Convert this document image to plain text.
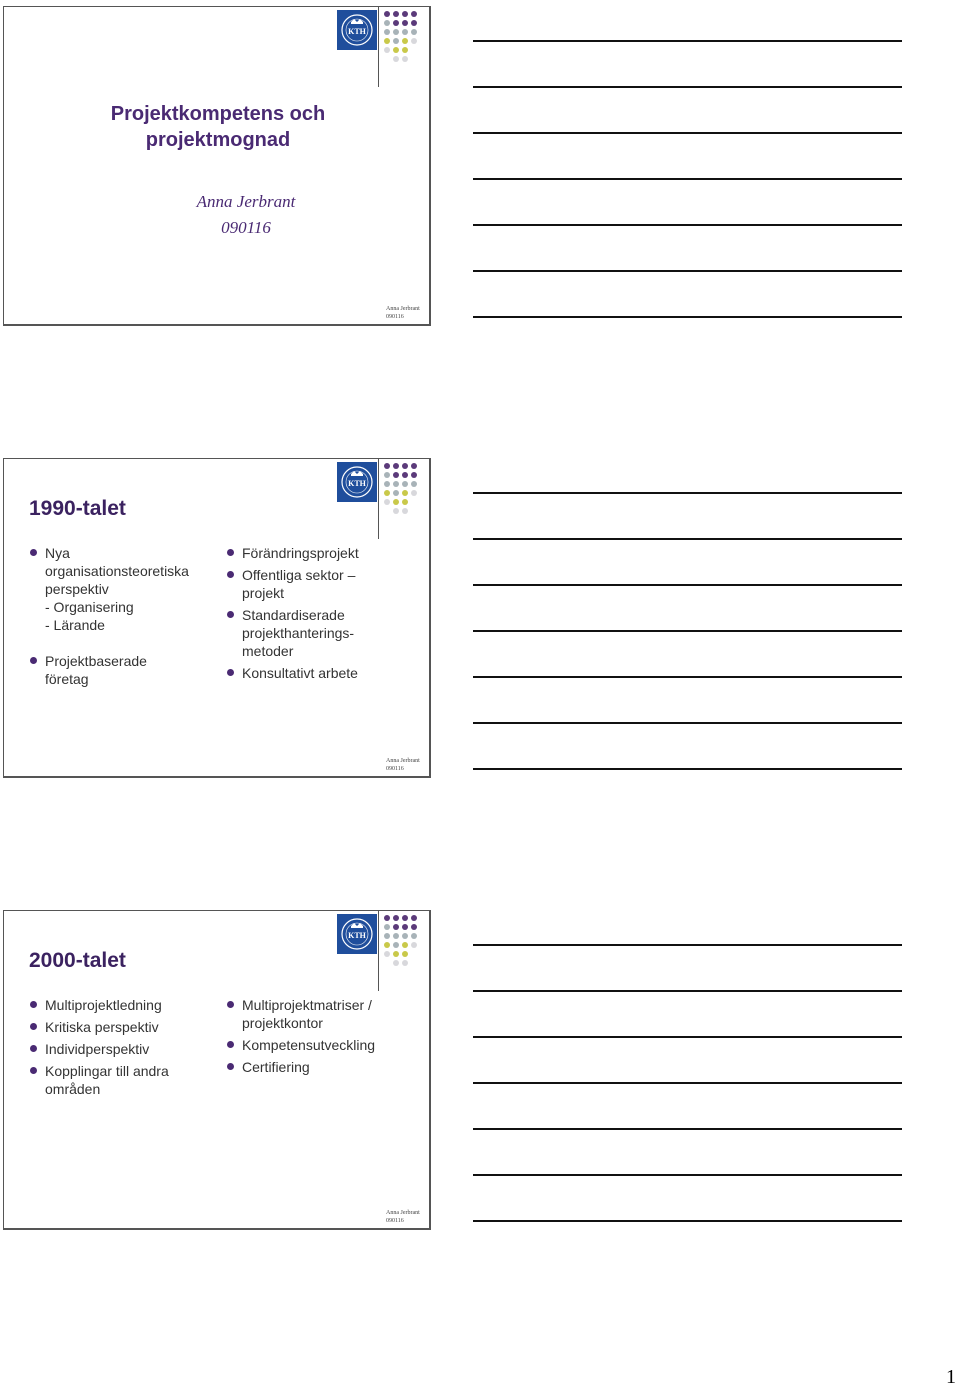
KTH
Projektkompetens och
projektmognad
Anna Jerbrant
090116
Anna Jerbrant
090116
KTH
1990-talet
Nya
organisationsteoretiska
perspektiv
- Organisering
- Lärande
Projektbaserade
företag
Förändringsprojekt
Offentliga sektor –
projekt
Standardiserade
projekthanterings-
metoder
Konsultativt arbete
Anna Jerbrant
090116
KTH
2000-talet
Multiprojektledning
Kritiska perspektiv
Individperspektiv
Kopplingar till andra
områden
Multiprojektmatriser /
projektkontor
Kompetensutveckling
Certifiering
Anna Jerbrant
090116
1
